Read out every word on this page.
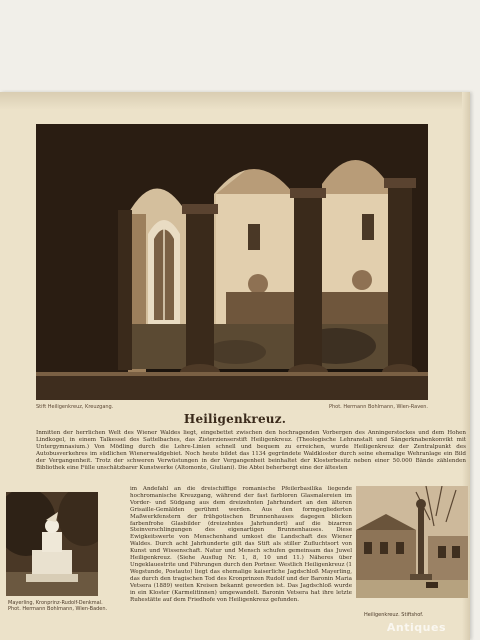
Stift Heiligenkreuz, Kreuzgang.	Phot. Hermann Bohlmann, Wien-Raven.
Heiligenkreuz.

Inmitten der herrlichen Welt des Wiener Waldes liegt, eingebettet zwischen den hochragenden Vorbergen des Anningerstockes und dem Hohen Lindkogel, in einem Talkessel des Sattelbaches, das Zisterzienserstift Heiligenkreuz. (Theologische Lehranstalt und Sängerknabenkonvikt mit Untergymnasium.) Von Mödling durch die Lehre-Linien schnell und bequem zu erreichen, wurde Heiligenkreuz der Zentralpunkt des Autobusverkehres im südlichen Wienerwaldgebiet. Noch heute bildet das 1134 gegründete Waldkloster durch seine ehemalige Wehranlage ein Bild der Vergangenheit. Trotz der schweren Verwüstungen in der Vergangenheit beinhaltet der Klosterbesitz neben einer 50.000 Bände zählenden Bibliothek eine Fülle unschätzbarer Kunstwerke (Altomonte, Giuliani). Die Abtei beherbergt eine der ältesten

Mayerling, Kronprinz-Rudolf-Denkmal. Phot. Hermann Bohlmann, Wien-Baden.

im Andefahl an die dreischiffige romanische Pfeilerbasilika liegende hochromanische Kreuzgang, während der fast farbloren Glasmalereien im Vorder- und Südgang aus dem dreizehnten Jahrhundert an den älteren Grisaille-Gemälden gerühmt werden. Aus den formgegliederten Maßwerkfenstern der frühgotischen Brunnenhauses dagegen blicken farbenfrohe Glasbilder (dreizehntes Jahrhundert) auf die bizarren Steinverschlingungen des eigenartigen Brunnenhauses. Diese Ewigkeitswerte von Menschenhand umkost die Landschaft des Wiener Waldes. Durch acht Jahrhunderte gilt das Stift als stiller Zufluchtsort von Kunst und Wissenschaft. Natur und Mensch schufen gemeinsam das Juwel Heiligenkreuz. (Siehe Ausflug Nr. 1, 8, 10 und 11.) Näheres über Ungeklauestrite und Führungen durch den Portner. Westlich Heiligenkreuz (1 Wegstunde, Postauto) liegt das ehemalige kaiserliche Jagdschloß Mayerling, das durch den tragischen Tod des Kronprinzen Rudolf und der Baronin Maria Vetsera (1889) weiten Kreisen bekannt geworden ist. Das Jagdschloß wurde in ein Kloster (Karmelitinnen) umgewandelt. Baronin Vetsera hat ihre letzte Ruhestätte auf dem Friedhofe von Heiligenkreuz gefunden.

Heiligenkreuz. Stiftshof.

Antiques
